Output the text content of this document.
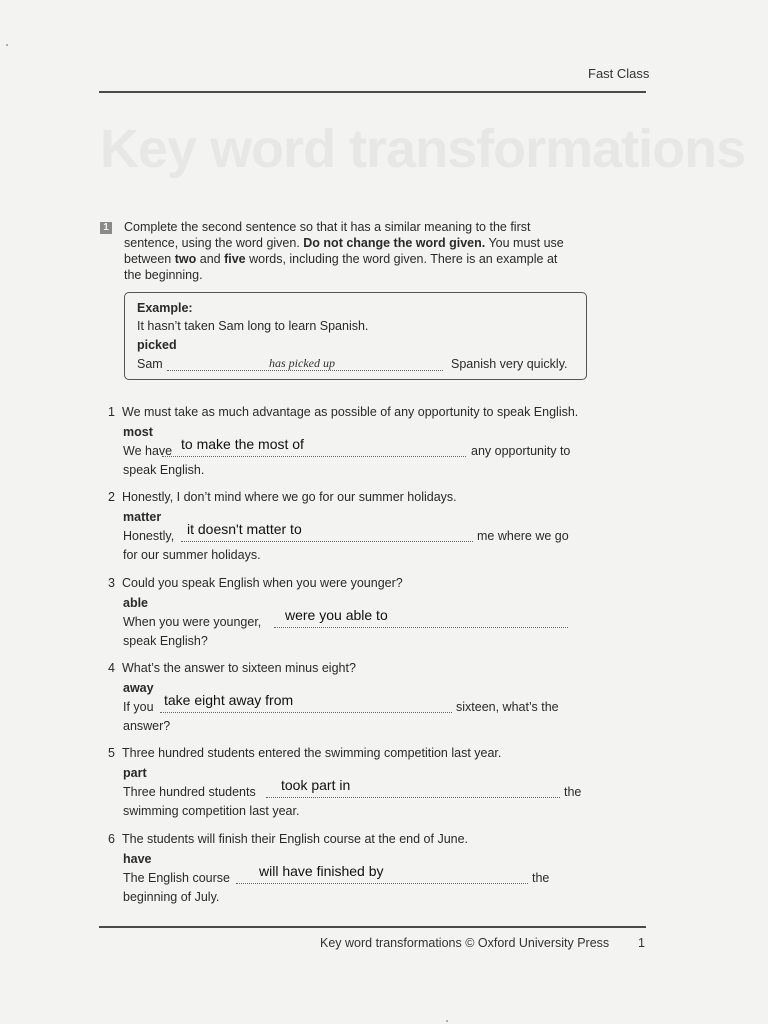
Fast Class
Key word transformations
1 Complete the second sentence so that it has a similar meaning to the first sentence, using the word given. Do not change the word given. You must use between two and five words, including the word given. There is an example at the beginning.
Example:
It hasn’t taken Sam long to learn Spanish.
picked
Sam	has picked up	Spanish very quickly.
1 We must take as much advantage as possible of any opportunity to speak English.
most
We have to make the most of	any opportunity to
speak English.
2 Honestly, I don’t mind where we go for our summer holidays.
matter
Honestly, it doesn't matter to	me where we go
for our summer holidays.
3 Could you speak English when you were younger?
able
When you were younger, were you able to
speak English?
4 What’s the answer to sixteen minus eight?
away
If you take eight away from	sixteen, what’s the
answer?
5 Three hundred students entered the swimming competition last year.
part
Three hundred students took part in	the
swimming competition last year.
6 The students will finish their English course at the end of June.
have
The English course will have finished by	the
beginning of July.
Key word transformations © Oxford University Press 1
